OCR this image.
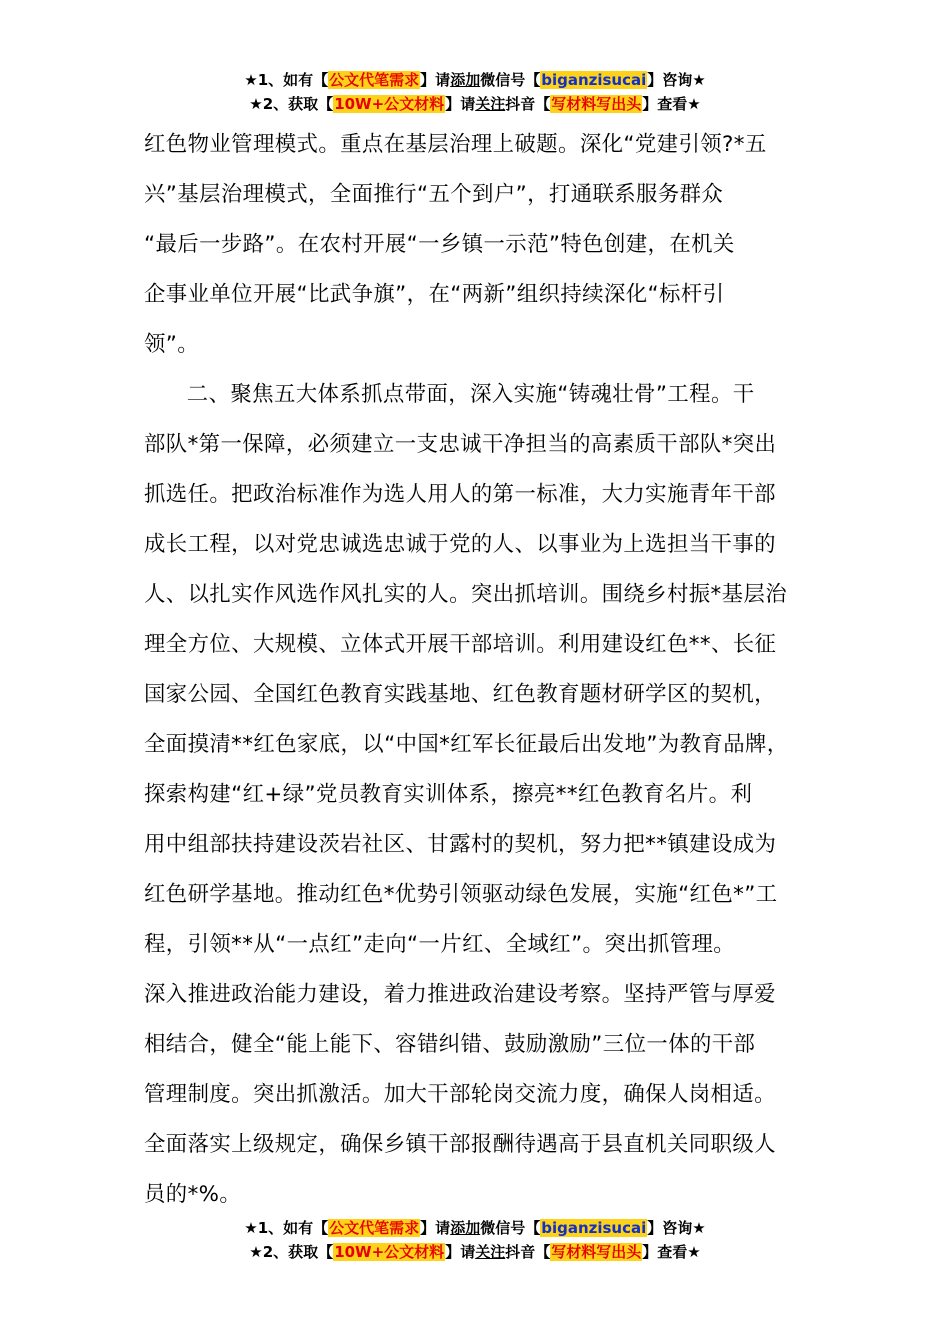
★1、如有【公文代笔需求】请添加微信号【biganzisucai】咨询★
★2、获取【10W+公文材料】请关注抖音【写材料写出头】查看★

红色物业管理模式。重点在基层治理上破题。深化“党建引领?*五
兴”基层治理模式，全面推行“五个到户”，打通联系服务群众
“最后一步路”。在农村开展“一乡镇一示范”特色创建，在机关
企事业单位开展“比武争旗”，在“两新”组织持续深化“标杆引
领”。

二、聚焦五大体系抓点带面，深入实施“铸魂壮骨”工程。干
部队*第一保障，必须建立一支忠诚干净担当的高素质干部队*突出
抓选任。把政治标准作为选人用人的第一标准，大力实施青年干部
成长工程，以对党忠诚选忠诚于党的人、以事业为上选担当干事的
人、以扎实作风选作风扎实的人。突出抓培训。围绕乡村振*基层治
理全方位、大规模、立体式开展干部培训。利用建设红色**、长征
国家公园、全国红色教育实践基地、红色教育题材研学区的契机，
全面摸清**红色家底，以“中国*红军长征最后出发地”为教育品牌，
探索构建“红+绿”党员教育实训体系，擦亮**红色教育名片。利
用中组部扶持建设茨岩社区、甘露村的契机，努力把**镇建设成为
红色研学基地。推动红色*优势引领驱动绿色发展，实施“红色*”工
程，引领**从“一点红”走向“一片红、全域红”。突出抓管理。
深入推进政治能力建设，着力推进政治建设考察。坚持严管与厚爱
相结合，健全“能上能下、容错纠错、鼓励激励”三位一体的干部
管理制度。突出抓激活。加大干部轮岗交流力度，确保人岗相适。
全面落实上级规定，确保乡镇干部报酬待遇高于县直机关同职级人
员的*%。

★1、如有【公文代笔需求】请添加微信号【biganzisucai】咨询★
★2、获取【10W+公文材料】请关注抖音【写材料写出头】查看★
